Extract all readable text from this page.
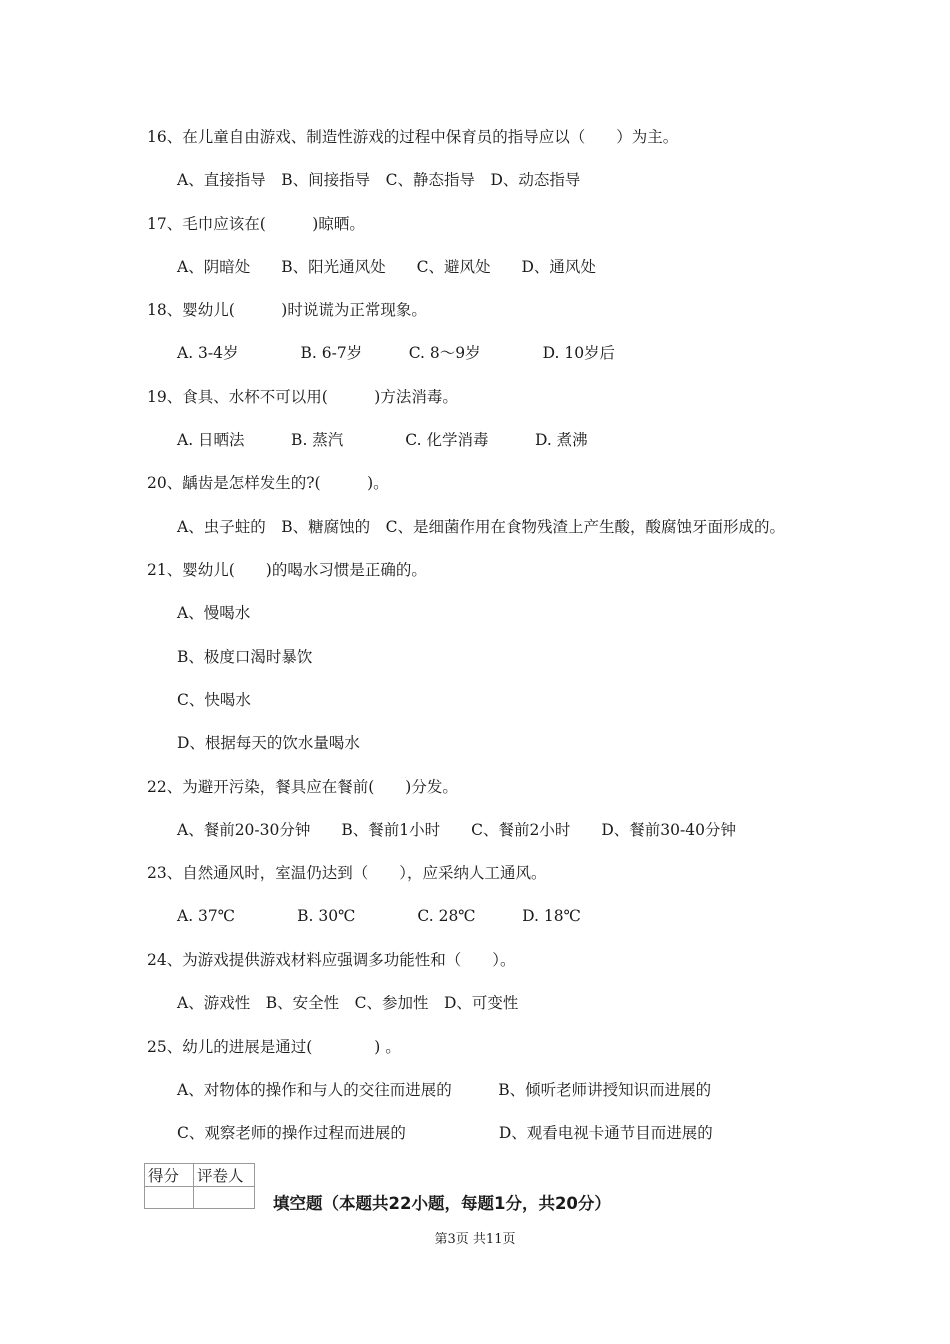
16、在儿童自由游戏、制造性游戏的过程中保育员的指导应以（　　）为主。
A、直接指导　B、间接指导　C、静态指导　D、动态指导
17、毛巾应该在(　　　)晾晒。
A、阴暗处　　B、阳光通风处　　C、避风处　　D、通风处
18、婴幼儿(　　　)时说谎为正常现象。
A. 3-4岁　　　　B. 6-7岁　　　C. 8～9岁　　　　D. 10岁后
19、食具、水杯不可以用(　　　)方法消毒。
A. 日晒法　　　B. 蒸汽　　　　C. 化学消毒　　　D. 煮沸
20、龋齿是怎样发生的?(　　　)。
A、虫子蛀的　B、糖腐蚀的　C、是细菌作用在食物残渣上产生酸，酸腐蚀牙面形成的。
21、婴幼儿(　　)的喝水习惯是正确的。
A、慢喝水
B、极度口渴时暴饮
C、快喝水
D、根据每天的饮水量喝水
22、为避开污染，餐具应在餐前(　　)分发。
A、餐前20-30分钟　　B、餐前1小时　　C、餐前2小时　　D、餐前30-40分钟
23、自然通风时，室温仍达到（　　），应采纳人工通风。
A. 37℃　　　　B. 30℃　　　　C. 28℃　　　D. 18℃
24、为游戏提供游戏材料应强调多功能性和（　　）。
A、游戏性　B、安全性　C、参加性　D、可变性
25、幼儿的进展是通过(　　　　) 。
A、对物体的操作和与人的交往而进展的　　　B、倾听老师讲授知识而进展的
C、观察老师的操作过程而进展的　　　　　　D、观看电视卡通节目而进展的
得分	评卷人

填空题（本题共22小题，每题1分，共20分）
第3页 共11页
